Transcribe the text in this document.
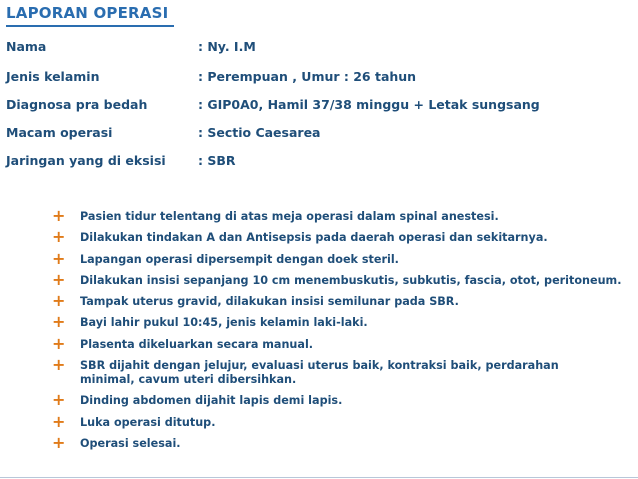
LAPORAN OPERASI
Nama	: Ny. I.M
Jenis kelamin	: Perempuan , Umur : 26 tahun
Diagnosa pra bedah	: GIP0A0, Hamil 37/38 minggu + Letak sungsang
Macam operasi	: Sectio Caesarea
Jaringan yang di eksisi	: SBR
+ Pasien tidur telentang di atas meja operasi dalam spinal anestesi.
+ Dilakukan tindakan A dan Antisepsis pada daerah operasi dan sekitarnya.
+ Lapangan operasi dipersempit dengan doek steril.
+ Dilakukan insisi sepanjang 10 cm menembuskutis, subkutis, fascia, otot, peritoneum.
+ Tampak uterus gravid, dilakukan insisi semilunar pada SBR.
+ Bayi lahir pukul 10:45, jenis kelamin laki-laki.
+ Plasenta dikeluarkan secara manual.
+ SBR dijahit dengan jelujur, evaluasi uterus baik, kontraksi baik, perdarahan minimal, cavum uteri dibersihkan.
+ Dinding abdomen dijahit lapis demi lapis.
+ Luka operasi ditutup.
+ Operasi selesai.
